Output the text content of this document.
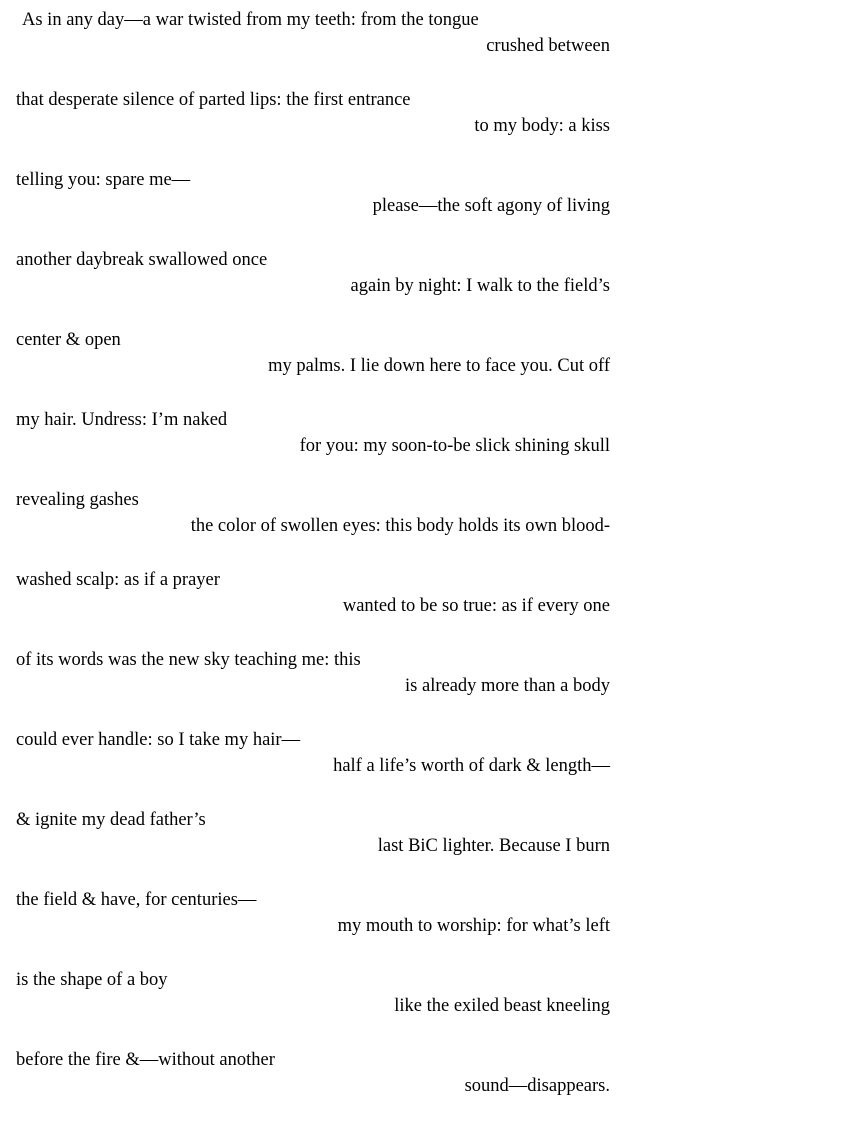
As in any day—a war twisted from my teeth: from the tongue
crushed between
that desperate silence of parted lips: the first entrance
to my body: a kiss
telling you: spare me—
please—the soft agony of living
another daybreak swallowed once
again by night: I walk to the field’s
center & open
my palms. I lie down here to face you. Cut off
my hair. Undress: I’m naked
for you: my soon-to-be slick shining skull
revealing gashes
the color of swollen eyes: this body holds its own blood-
washed scalp: as if a prayer
wanted to be so true: as if every one
of its words was the new sky teaching me: this
is already more than a body
could ever handle: so I take my hair—
half a life’s worth of dark & length—
& ignite my dead father’s
last BiC lighter. Because I burn
the field & have, for centuries—
my mouth to worship: for what’s left
is the shape of a boy
like the exiled beast kneeling
before the fire &—without another
sound—disappears.
